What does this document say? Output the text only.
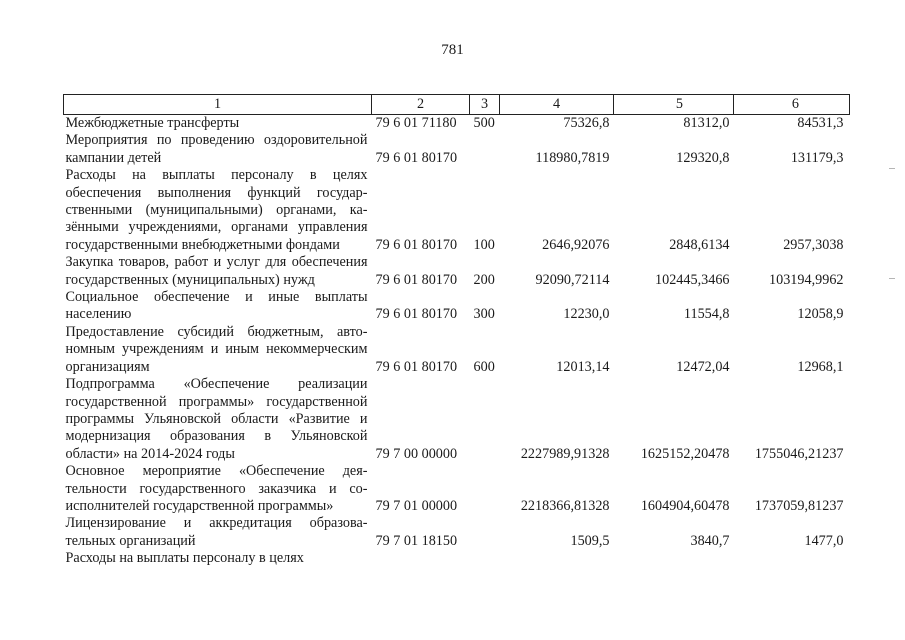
781
1	2	3	4	5	6
Межбюджетные трансферты	79 6 01 71180	500	75326,8	81312,0	84531,3
Мероприятия по проведению оздоровительной кампании детей	79 6 01 80170		118980,7819	129320,8	131179,3
Расходы на выплаты персоналу в целях обеспечения выполнения функций государственными (муниципальными) органами, казёнными учреждениями, органами управления государственными внебюджетными фондами	79 6 01 80170	100	2646,92076	2848,6134	2957,3038
Закупка товаров, работ и услуг для обеспечения государственных (муниципальных) нужд	79 6 01 80170	200	92090,72114	102445,3466	103194,9962
Социальное обеспечение и иные выплаты населению	79 6 01 80170	300	12230,0	11554,8	12058,9
Предоставление субсидий бюджетным, автономным учреждениям и иным некоммерческим организациям	79 6 01 80170	600	12013,14	12472,04	12968,1
Подпрограмма «Обеспечение реализации государственной программы» государственной программы Ульяновской области «Развитие и модернизация образования в Ульяновской области» на 2014-2024 годы	79 7 00 00000		2227989,91328	1625152,20478	1755046,21237
Основное мероприятие «Обеспечение деятельности государственного заказчика и соисполнителей государственной программы»	79 7 01 00000		2218366,81328	1604904,60478	1737059,81237
Лицензирование и аккредитация образовательных организаций	79 7 01 18150		1509,5	3840,7	1477,0
Расходы на выплаты персоналу в целях					
